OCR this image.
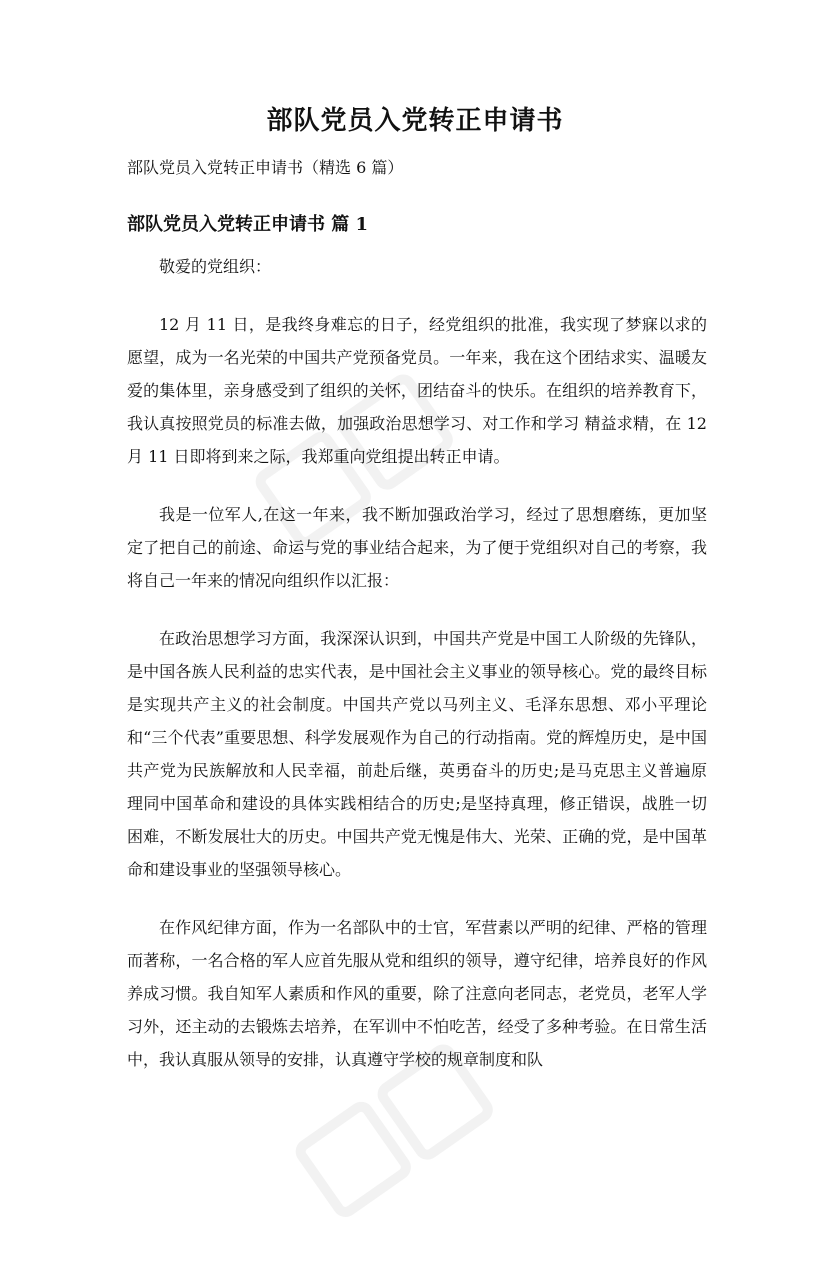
部队党员入党转正申请书

部队党员入党转正申请书（精选 6 篇）

部队党员入党转正申请书 篇 1

敬爱的党组织：

12 月 11 日，是我终身难忘的日子，经党组织的批准，我实现了梦寐以求的愿望，成为一名光荣的中国共产党预备党员。一年来，我在这个团结求实、温暖友爱的集体里，亲身感受到了组织的关怀，团结奋斗的快乐。在组织的培养教育下，我认真按照党员的标准去做，加强政治思想学习、对工作和学习 精益求精，在 12 月 11 日即将到来之际，我郑重向党组提出转正申请。

我是一位军人,在这一年来，我不断加强政治学习，经过了思想磨练，更加坚定了把自己的前途、命运与党的事业结合起来，为了便于党组织对自己的考察，我将自己一年来的情况向组织作以汇报：

在政治思想学习方面，我深深认识到，中国共产党是中国工人阶级的先锋队，是中国各族人民利益的忠实代表，是中国社会主义事业的领导核心。党的最终目标是实现共产主义的社会制度。中国共产党以马列主义、毛泽东思想、邓小平理论和“三个代表”重要思想、科学发展观作为自己的行动指南。党的辉煌历史，是中国共产党为民族解放和人民幸福，前赴后继，英勇奋斗的历史;是马克思主义普遍原理同中国革命和建设的具体实践相结合的历史;是坚持真理，修正错误，战胜一切困难，不断发展壮大的历史。中国共产党无愧是伟大、光荣、正确的党，是中国革命和建设事业的坚强领导核心。

在作风纪律方面，作为一名部队中的士官，军营素以严明的纪律、严格的管理而著称，一名合格的军人应首先服从党和组织的领导，遵守纪律，培养良好的作风养成习惯。我自知军人素质和作风的重要，除了注意向老同志，老党员，老军人学习外，还主动的去锻炼去培养，在军训中不怕吃苦，经受了多种考验。在日常生活中，我认真服从领导的安排，认真遵守学校的规章制度和队
